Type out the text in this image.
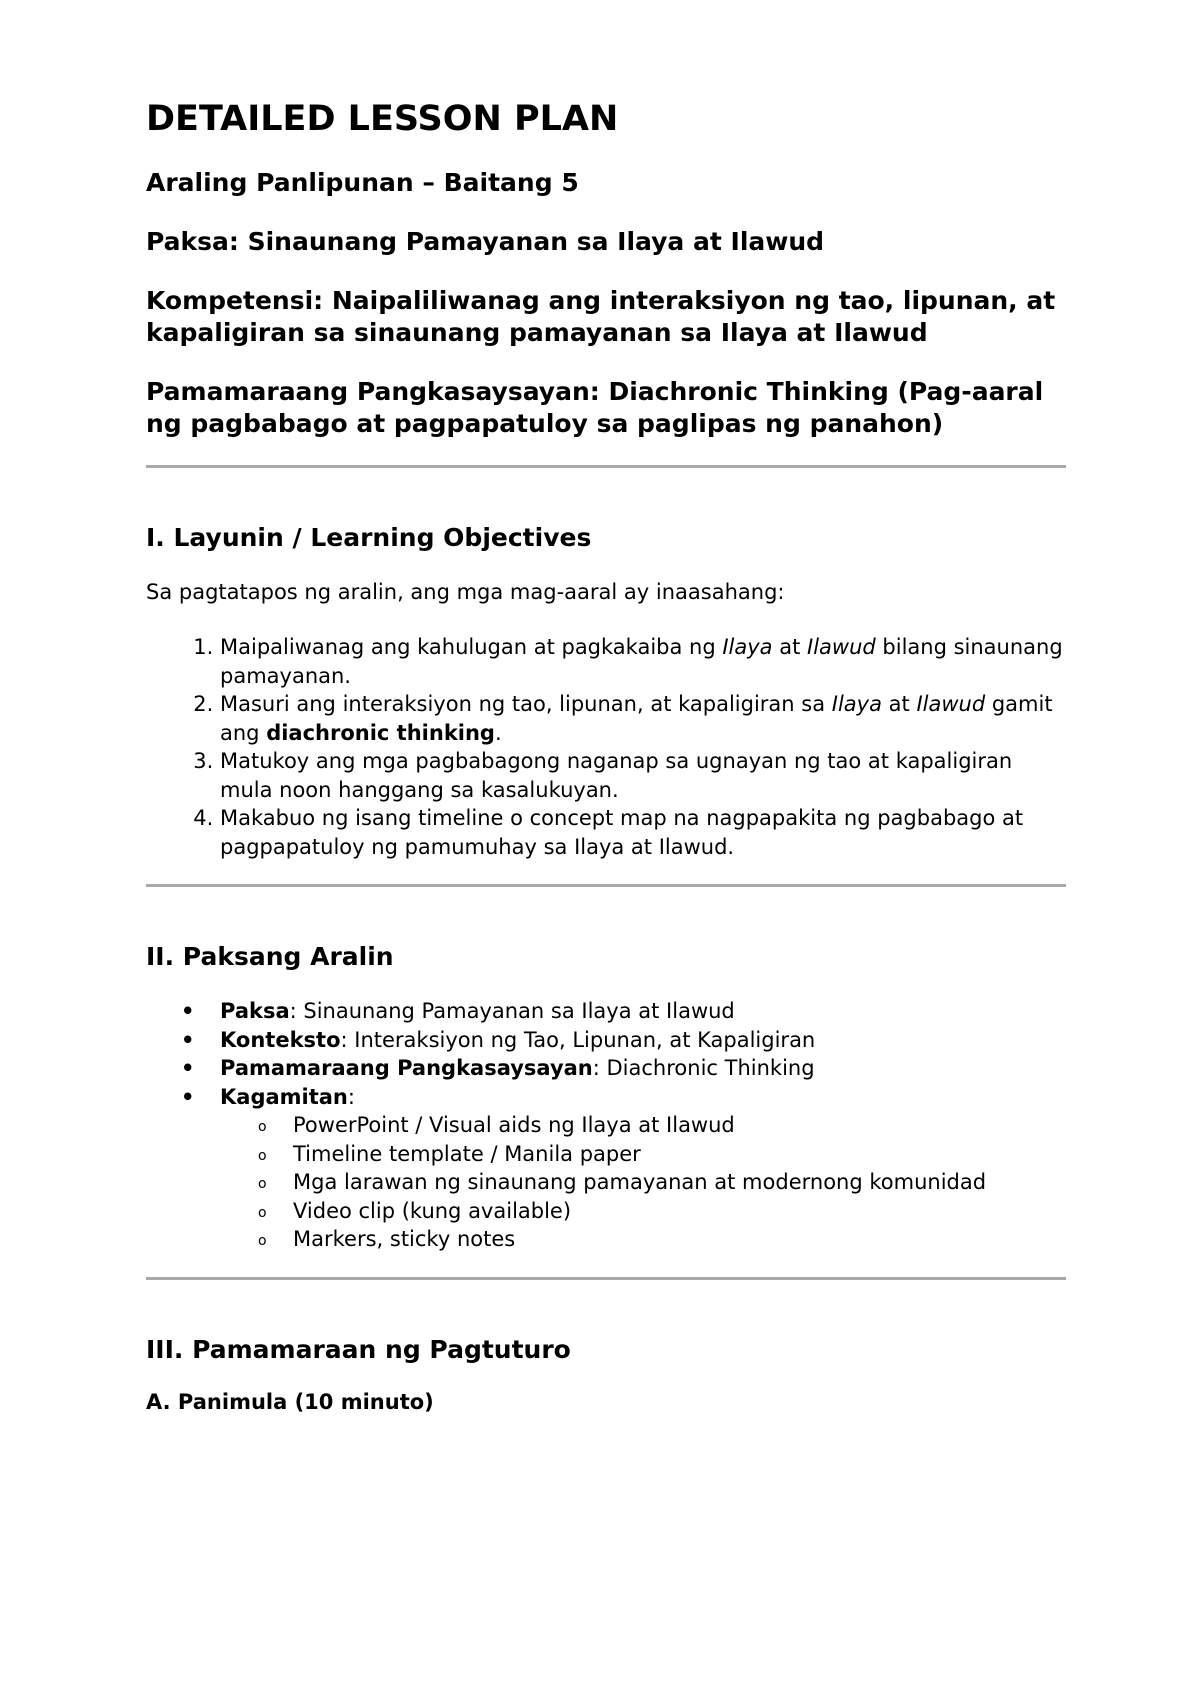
DETAILED LESSON PLAN
Araling Panlipunan – Baitang 5
Paksa: Sinaunang Pamayanan sa Ilaya at Ilawud
Kompetensi: Naipaliliwanag ang interaksiyon ng tao, lipunan, at kapaligiran sa sinaunang pamayanan sa Ilaya at Ilawud
Pamamaraang Pangkasaysayan: Diachronic Thinking (Pag-aaral ng pagbabago at pagpapatuloy sa paglipas ng panahon)
I. Layunin / Learning Objectives

Sa pagtatapos ng aralin, ang mga mag-aaral ay inaasahang:

1. Maipaliwanag ang kahulugan at pagkakaiba ng Ilaya at Ilawud bilang sinaunang pamayanan.
2. Masuri ang interaksiyon ng tao, lipunan, at kapaligiran sa Ilaya at Ilawud gamit ang diachronic thinking.
3. Matukoy ang mga pagbabagong naganap sa ugnayan ng tao at kapaligiran mula noon hanggang sa kasalukuyan.
4. Makabuo ng isang timeline o concept map na nagpapakita ng pagbabago at pagpapatuloy ng pamumuhay sa Ilaya at Ilawud.
II. Paksang Aralin
• Paksa: Sinaunang Pamayanan sa Ilaya at Ilawud
• Konteksto: Interaksiyon ng Tao, Lipunan, at Kapaligiran
• Pamamaraang Pangkasaysayan: Diachronic Thinking
• Kagamitan:
o PowerPoint / Visual aids ng Ilaya at Ilawud
o Timeline template / Manila paper
o Mga larawan ng sinaunang pamayanan at modernong komunidad
o Video clip (kung available)
o Markers, sticky notes
III. Pamamaraan ng Pagtuturo
A. Panimula (10 minuto)
